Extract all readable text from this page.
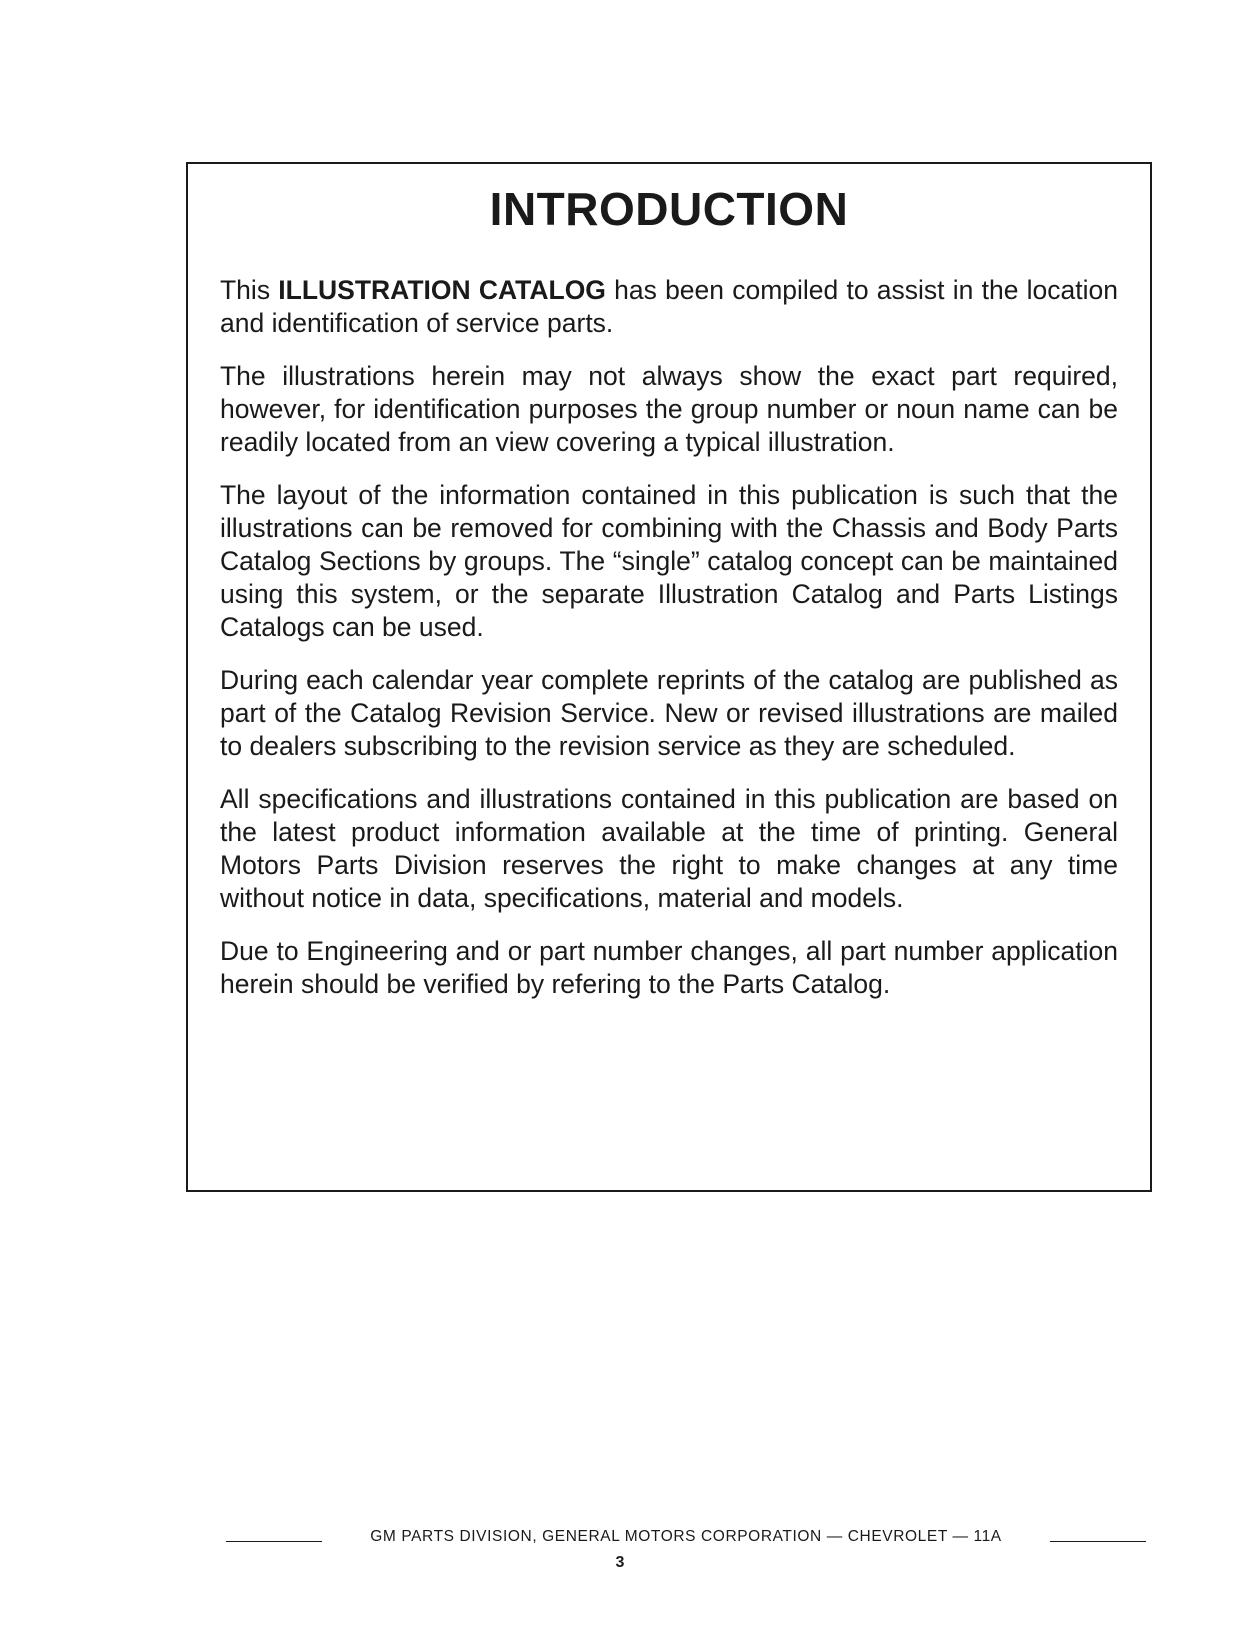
INTRODUCTION

This ILLUSTRATION CATALOG has been compiled to assist in the location and identification of service parts.

The illustrations herein may not always show the exact part required, however, for identification purposes the group number or noun name can be readily located from an view covering a typical illustration.

The layout of the information contained in this publication is such that the illustrations can be removed for combining with the Chassis and Body Parts Catalog Sections by groups. The “single” catalog concept can be maintained using this system, or the separate Illustration Catalog and Parts Listings Catalogs can be used.

During each calendar year complete reprints of the catalog are published as part of the Catalog Revision Service. New or revised illustrations are mailed to dealers subscribing to the revision service as they are scheduled.

All specifications and illustrations contained in this publication are based on the latest product information available at the time of printing. General Motors Parts Division reserves the right to make changes at any time without notice in data, specifications, material and models.

Due to Engineering and or part number changes, all part number application herein should be verified by refering to the Parts Catalog.

GM PARTS DIVISION, GENERAL MOTORS CORPORATION — CHEVROLET — 11A
3
